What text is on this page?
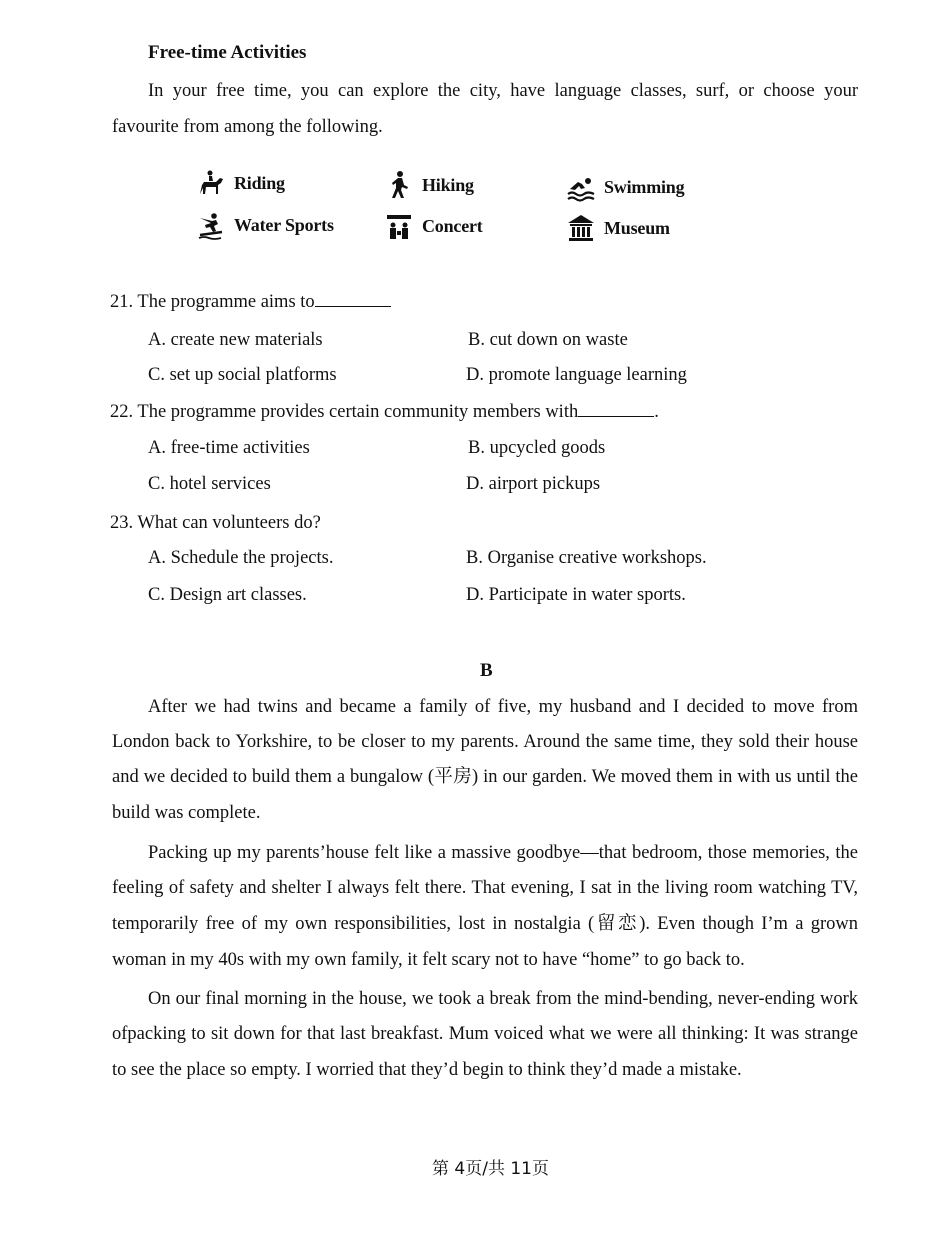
Free-time Activities
In your free time, you can explore the city, have language classes, surf, or choose your
favourite from among the following.
Riding	Hiking	Swimming
Water Sports	Concert	Museum
21. The programme aims to
A. create new materials	B. cut down on waste
C. set up social platforms	D. promote language learning
22. The programme provides certain community members with	.
A. free-time activities	B. upcycled goods
C. hotel services	D. airport pickups
23. What can volunteers do?
A. Schedule the projects.	B. Organise creative workshops.
C. Design art classes.	D. Participate in water sports.
B
After we had twins and became a family of five, my husband and I decided to move from
London back to Yorkshire, to be closer to my parents. Around the same time, they sold their house
and we decided to build them a bungalow (平房) in our garden. We moved them in with us until the
build was complete.
Packing up my parents’house felt like a massive goodbye—that bedroom, those memories, the
feeling of safety and shelter I always felt there. That evening, I sat in the living room watching TV,
temporarily free of my own responsibilities, lost in nostalgia (留恋). Even though I’m a grown
woman in my 40s with my own family, it felt scary not to have “home” to go back to.
On our final morning in the house, we took a break from the mind-bending, never-ending work
ofpacking to sit down for that last breakfast. Mum voiced what we were all thinking: It was strange
to see the place so empty. I worried that they’d begin to think they’d made a mistake.
第 4页/共 11页
